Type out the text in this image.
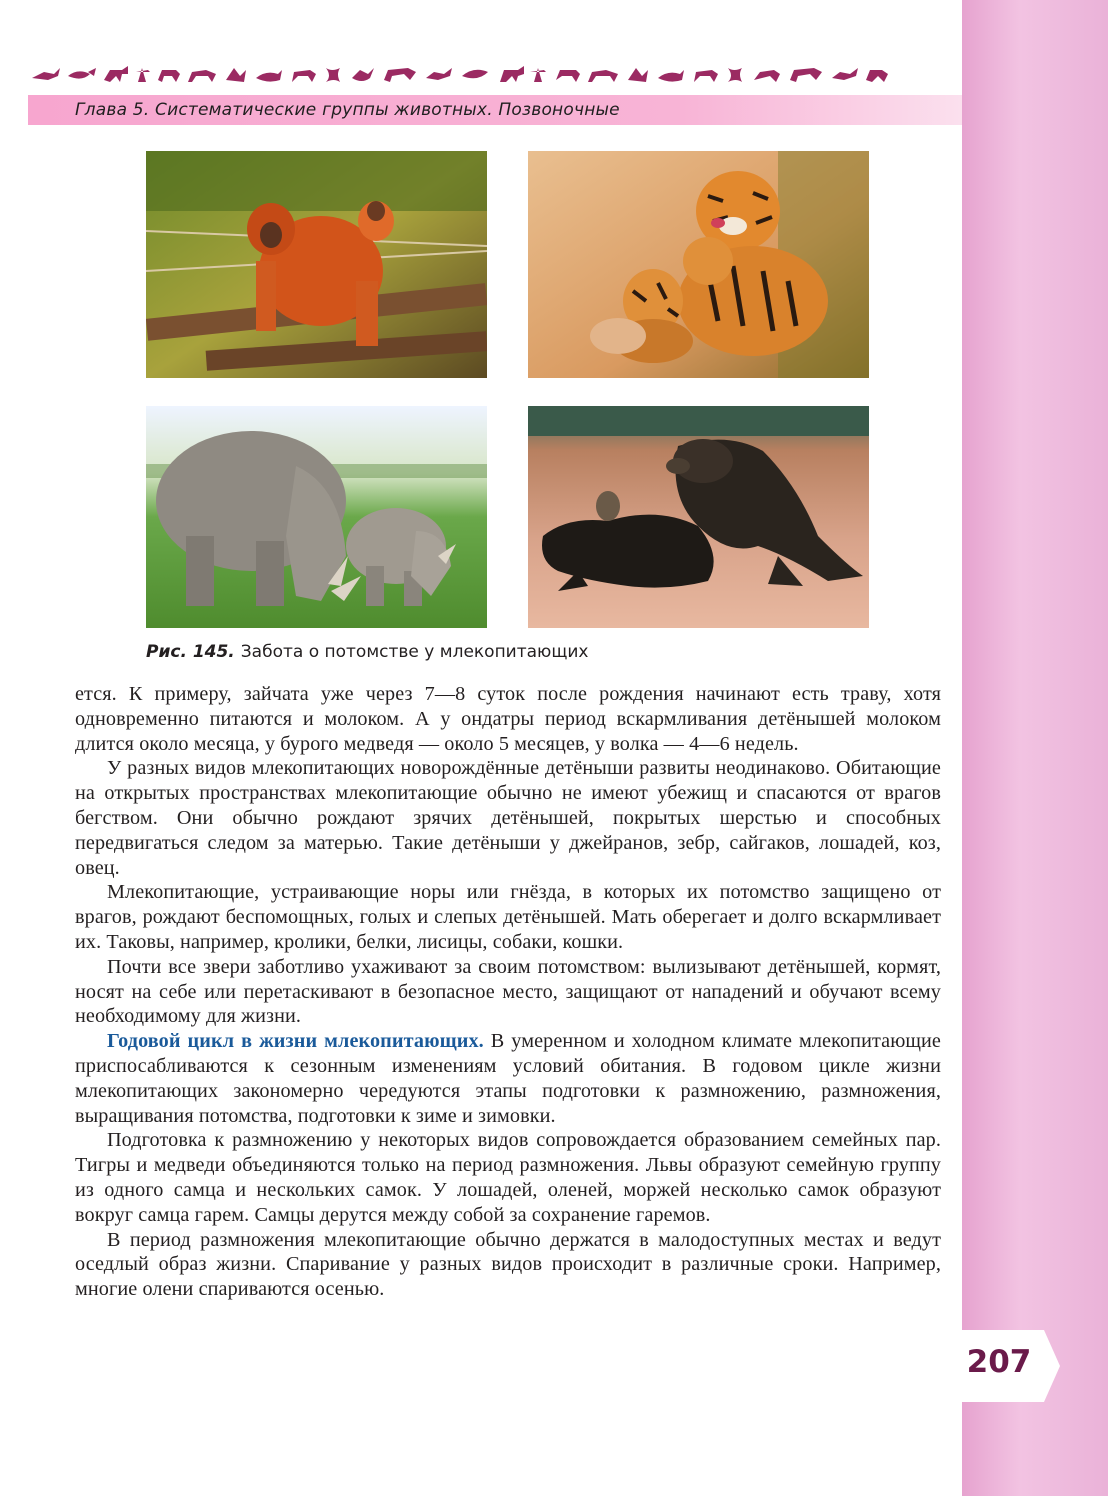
Глава 5. Систематические группы животных. Позвоночные
Рис. 145. Забота о потомстве у млекопитающих

ется. К примеру, зайчата уже через 7—8 суток после рождения начинают есть траву, хотя одновременно питаются и молоком. А у ондатры период вскармливания детёнышей молоком длится около месяца, у бурого медведя — около 5 месяцев, у волка — 4—6 недель.

У разных видов млекопитающих новорождённые детёныши развиты неодинаково. Обитающие на открытых пространствах млекопитающие обычно не имеют убежищ и спасаются от врагов бегством. Они обычно рождают зрячих детёнышей, покрытых шерстью и способных передвигаться следом за матерью. Такие детёныши у джейранов, зебр, сайгаков, лошадей, коз, овец.

Млекопитающие, устраивающие норы или гнёзда, в которых их потомство защищено от врагов, рождают беспомощных, голых и слепых детёнышей. Мать оберегает и долго вскармливает их. Таковы, например, кролики, белки, лисицы, собаки, кошки.

Почти все звери заботливо ухаживают за своим потомством: вылизывают детёнышей, кормят, носят на себе или перетаскивают в безопасное место, защищают от нападений и обучают всему необходимому для жизни.

Годовой цикл в жизни млекопитающих. В умеренном и холодном климате млекопитающие приспосабливаются к сезонным изменениям условий обитания. В годовом цикле жизни млекопитающих закономерно чередуются этапы подготовки к размножению, размножения, выращивания потомства, подготовки к зиме и зимовки.

Подготовка к размножению у некоторых видов сопровождается образованием семейных пар. Тигры и медведи объединяются только на период размножения. Львы образуют семейную группу из одного самца и нескольких самок. У лошадей, оленей, моржей несколько самок образуют вокруг самца гарем. Самцы дерутся между собой за сохранение гаремов.

В период размножения млекопитающие обычно держатся в малодоступных местах и ведут оседлый образ жизни. Спаривание у разных видов происходит в различные сроки. Например, многие олени спариваются осенью.

207
